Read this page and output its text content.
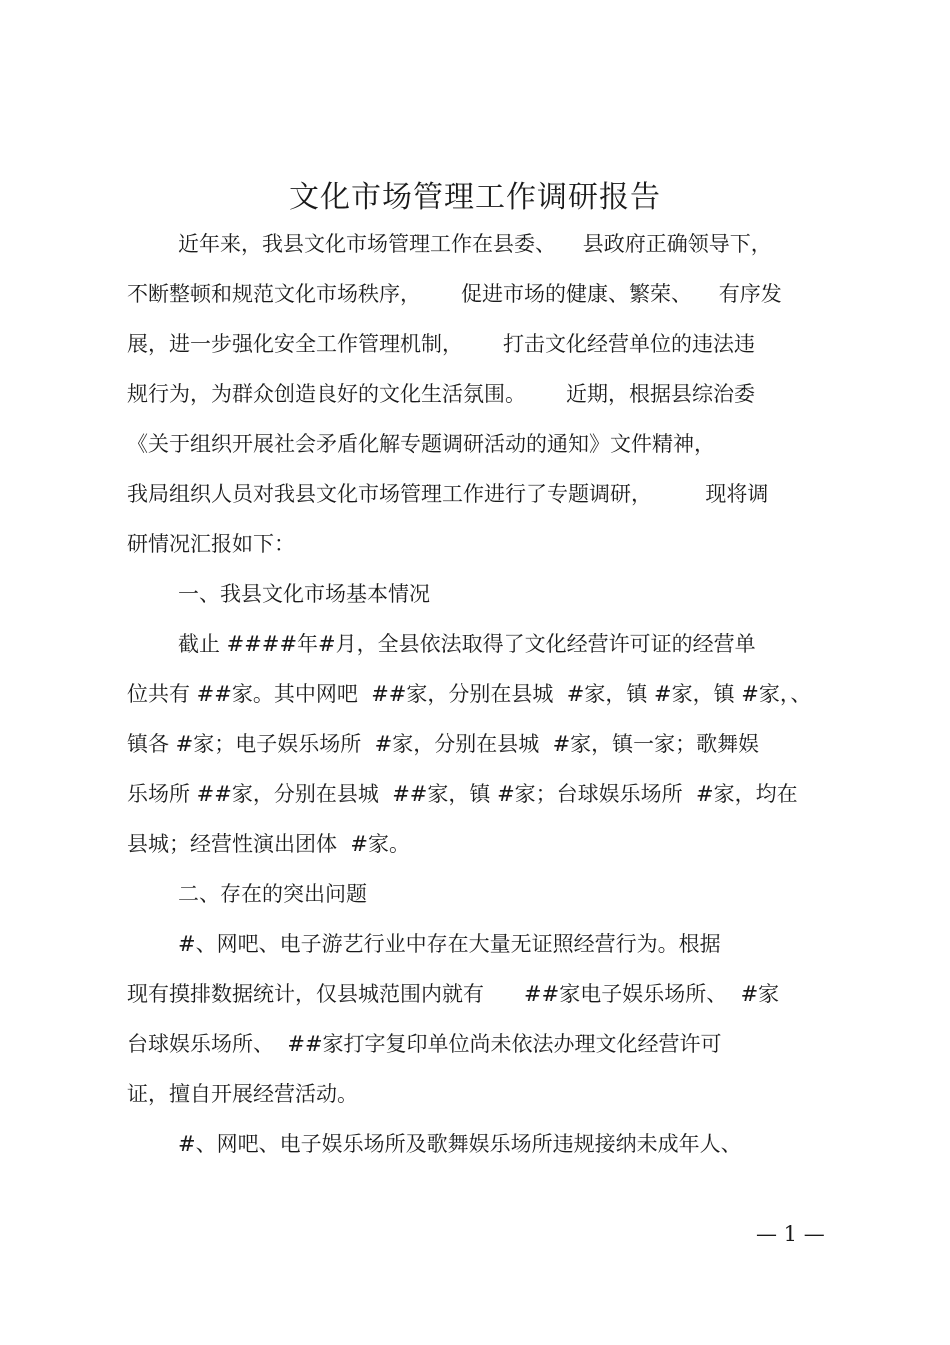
文化市场管理工作调研报告
近年来，我县文化市场管理工作在县委、    县政府正确领导下，
不断整顿和规范文化市场秩序，      促进市场的健康、繁荣、    有序发
展，进一步强化安全工作管理机制，      打击文化经营单位的违法违
规行为，为群众创造良好的文化生活氛围。      近期，根据县综治委
《关于组织开展社会矛盾化解专题调研活动的通知》文件精神，
我局组织人员对我县文化市场管理工作进行了专题调研，        现将调
研情况汇报如下：
一、我县文化市场基本情况
截止 ####年#月，全县依法取得了文化经营许可证的经营单
位共有 ##家。其中网吧  ##家，分别在县城  #家，镇 #家，镇 #家，、
镇各 #家；电子娱乐场所  #家，分别在县城  #家，镇一家；歌舞娱
乐场所 ##家，分别在县城  ##家，镇 #家；台球娱乐场所  #家，均在
县城；经营性演出团体  #家。
二、存在的突出问题
#、网吧、电子游艺行业中存在大量无证照经营行为。根据
现有摸排数据统计，仅县城范围内就有      ##家电子娱乐场所、  #家
台球娱乐场所、  ##家打字复印单位尚未依法办理文化经营许可
证，擅自开展经营活动。
#、网吧、电子娱乐场所及歌舞娱乐场所违规接纳未成年人、
— 1 —
